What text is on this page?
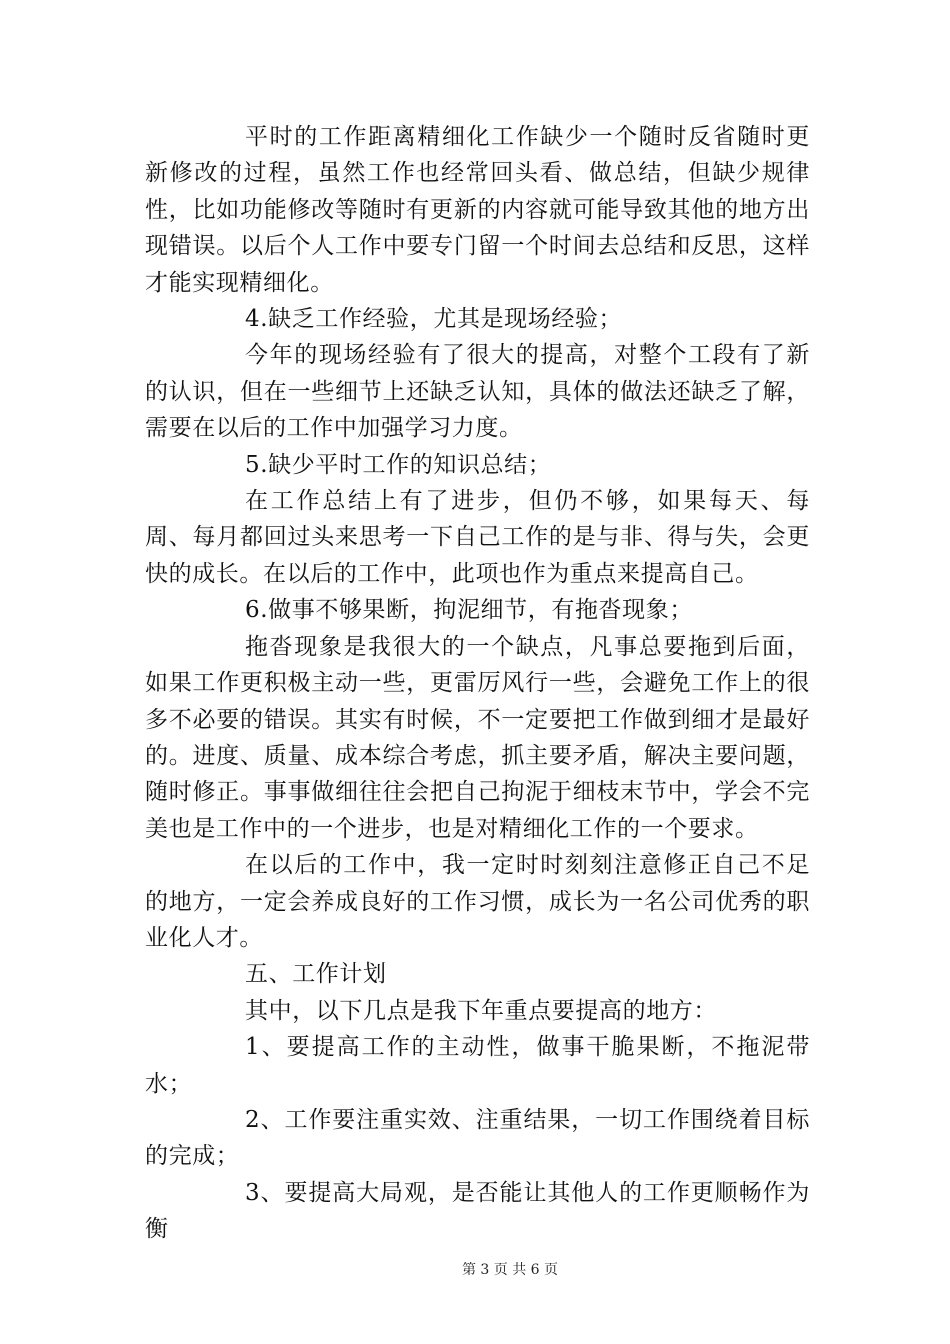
平时的工作距离精细化工作缺少一个随时反省随时更新修改的过程，虽然工作也经常回头看、做总结，但缺少规律性，比如功能修改等随时有更新的内容就可能导致其他的地方出现错误。以后个人工作中要专门留一个时间去总结和反思，这样才能实现精细化。

4.缺乏工作经验，尤其是现场经验；

今年的现场经验有了很大的提高，对整个工段有了新的认识，但在一些细节上还缺乏认知，具体的做法还缺乏了解，需要在以后的工作中加强学习力度。

5.缺少平时工作的知识总结；

在工作总结上有了进步，但仍不够，如果每天、每周、每月都回过头来思考一下自己工作的是与非、得与失，会更快的成长。在以后的工作中，此项也作为重点来提高自己。

6.做事不够果断，拘泥细节，有拖沓现象；

拖沓现象是我很大的一个缺点，凡事总要拖到后面，如果工作更积极主动一些，更雷厉风行一些，会避免工作上的很多不必要的错误。其实有时候，不一定要把工作做到细才是最好的。进度、质量、成本综合考虑，抓主要矛盾，解决主要问题，随时修正。事事做细往往会把自己拘泥于细枝末节中，学会不完美也是工作中的一个进步，也是对精细化工作的一个要求。

在以后的工作中，我一定时时刻刻注意修正自己不足的地方，一定会养成良好的工作习惯，成长为一名公司优秀的职业化人才。

五、工作计划

其中，以下几点是我下年重点要提高的地方：

1、要提高工作的主动性，做事干脆果断，不拖泥带水；

2、工作要注重实效、注重结果，一切工作围绕着目标的完成；

3、要提高大局观，是否能让其他人的工作更顺畅作为衡

第 3 页 共 6 页
